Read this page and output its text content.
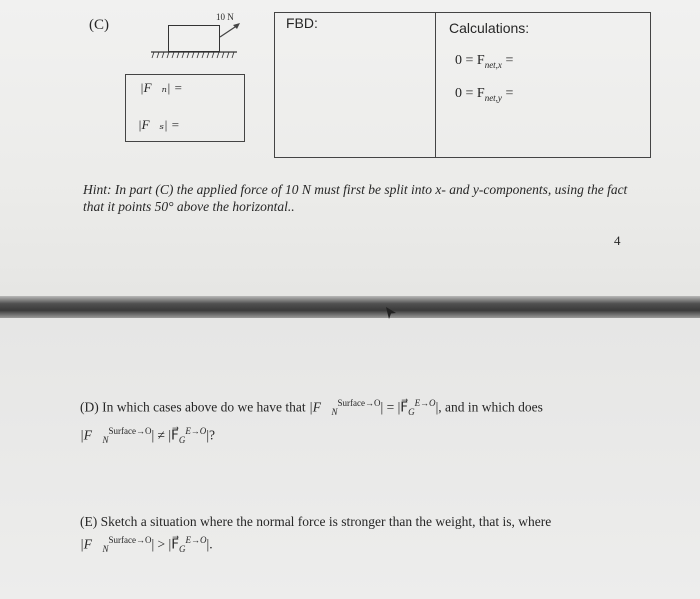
(C)	10 N
|F⃗ₙ| =
|F⃗ₛ| =
FBD:	Calculations:
$0 = F_{net,x}$ =
$0 = F_{net,y}$ =
Hint: In part (C) the applied force of 10 N must first be split into x- and y-components, using the fact that it points 50° above the horizontal..
4
(D) In which cases above do we have that $|F⃗_N^{Surface\to O}|$ = $|F⃗_G^{E\to O}|$, and in which does
$|F⃗_N^{Surface\to O}|$ ≠ $|F⃗_G^{E\to O}|$?
(E) Sketch a situation where the normal force is stronger than the weight, that is, where
$|F⃗_N^{Surface\to O}|$ > $|F⃗_G^{E\to O}|$.
